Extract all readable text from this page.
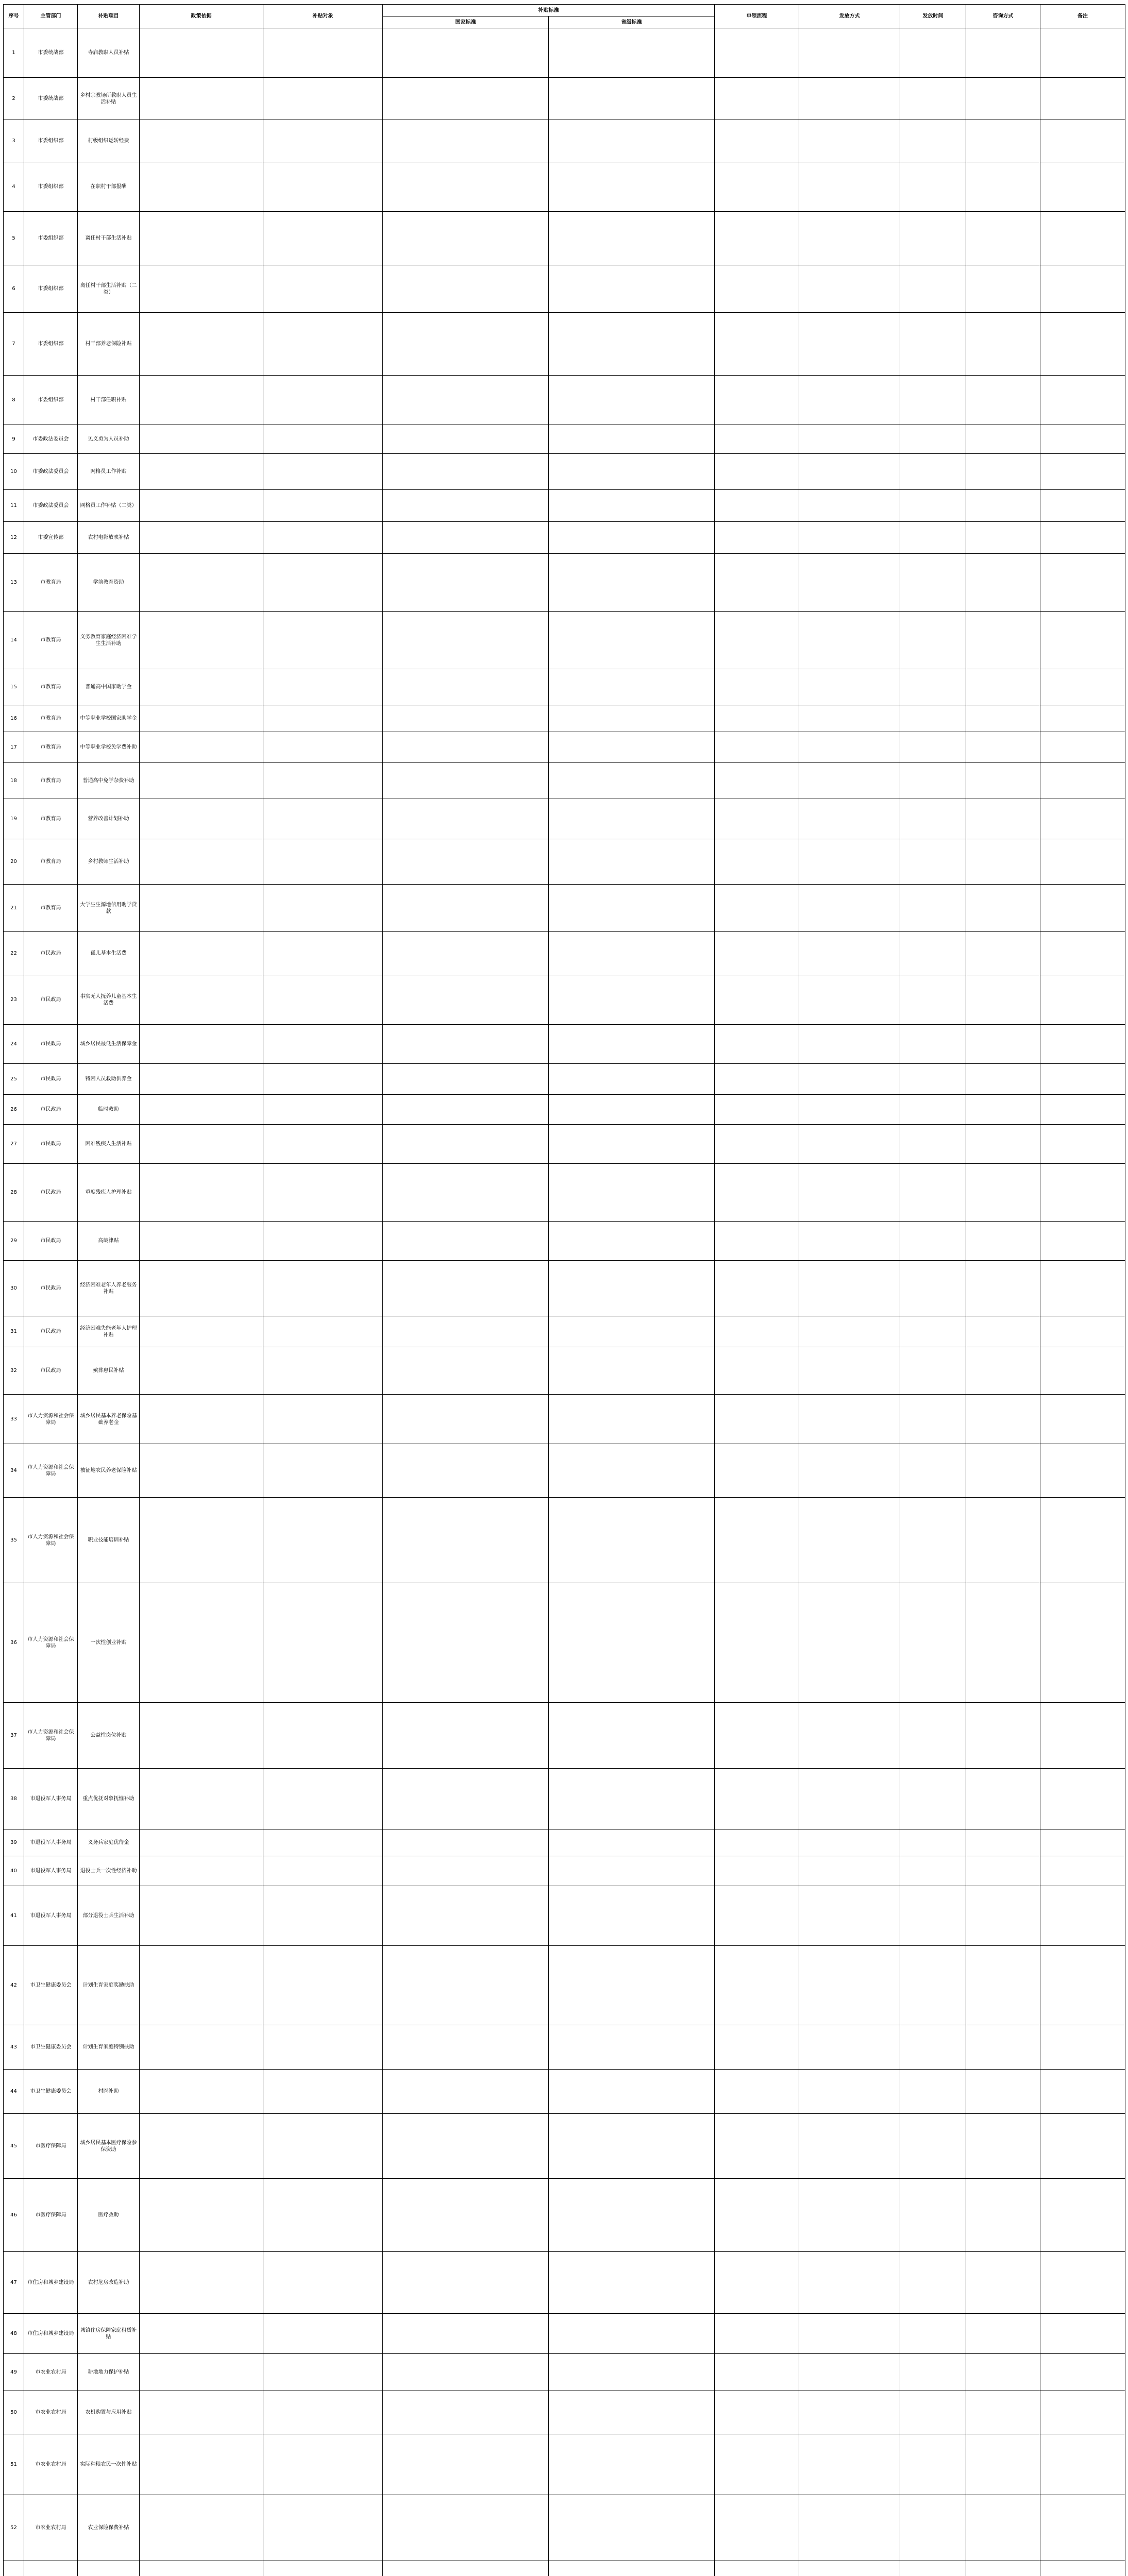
序号	主管部门	补贴项目	政策依据	补贴对象	补贴标准		申领流程	发放方式	发放时间	咨询方式	备注
					国家标准	省级标准					
1	市委统战部	寺庙教职人员补贴									
2	市委统战部	乡村宗教场所教职人员生活补贴									
3	市委组织部	村级组织运转经费									
4	市委组织部	在职村干部报酬									
5	市委组织部	离任村干部生活补贴									
6	市委组织部	离任村干部生活补贴（二类）									
7	市委组织部	村干部养老保险补贴									
8	市委组织部	村干部任职补贴									
9	市委政法委员会	见义勇为人员补助									
10	市委政法委员会	网格员工作补贴									
11	市委政法委员会	网格员工作补贴（二类）									
12	市委宣传部	农村电影放映补贴									
13	市教育局	学前教育资助									
14	市教育局	义务教育家庭经济困难学生生活补助									
15	市教育局	普通高中国家助学金									
16	市教育局	中等职业学校国家助学金									
17	市教育局	中等职业学校免学费补助									
18	市教育局	普通高中免学杂费补助									
19	市教育局	营养改善计划补助									
20	市教育局	乡村教师生活补助									
21	市教育局	大学生生源地信用助学贷款									
22	市民政局	孤儿基本生活费									
23	市民政局	事实无人抚养儿童基本生活费									
24	市民政局	城乡居民最低生活保障金									
25	市民政局	特困人员救助供养金									
26	市民政局	临时救助									
27	市民政局	困难残疾人生活补贴									
28	市民政局	重度残疾人护理补贴									
29	市民政局	高龄津贴									
30	市民政局	经济困难老年人养老服务补贴									
31	市民政局	经济困难失能老年人护理补贴									
32	市民政局	殡葬惠民补贴									
33	市人力资源和社会保障局	城乡居民基本养老保险基础养老金									
34	市人力资源和社会保障局	被征地农民养老保险补贴									
35	市人力资源和社会保障局	职业技能培训补贴									
36	市人力资源和社会保障局	一次性创业补贴									
37	市人力资源和社会保障局	公益性岗位补贴									
38	市退役军人事务局	重点优抚对象抚恤补助									
39	市退役军人事务局	义务兵家庭优待金									
40	市退役军人事务局	退役士兵一次性经济补助									
41	市退役军人事务局	部分退役士兵生活补助									
42	市卫生健康委员会	计划生育家庭奖励扶助									
43	市卫生健康委员会	计划生育家庭特别扶助									
44	市卫生健康委员会	村医补助									
45	市医疗保障局	城乡居民基本医疗保险参保资助									
46	市医疗保障局	医疗救助									
47	市住房和城乡建设局	农村危房改造补助									
48	市住房和城乡建设局	城镇住房保障家庭租赁补贴									
49	市农业农村局	耕地地力保护补贴									
50	市农业农村局	农机购置与应用补贴									
51	市农业农村局	实际种粮农民一次性补贴									
52	市农业农村局	农业保险保费补贴									
